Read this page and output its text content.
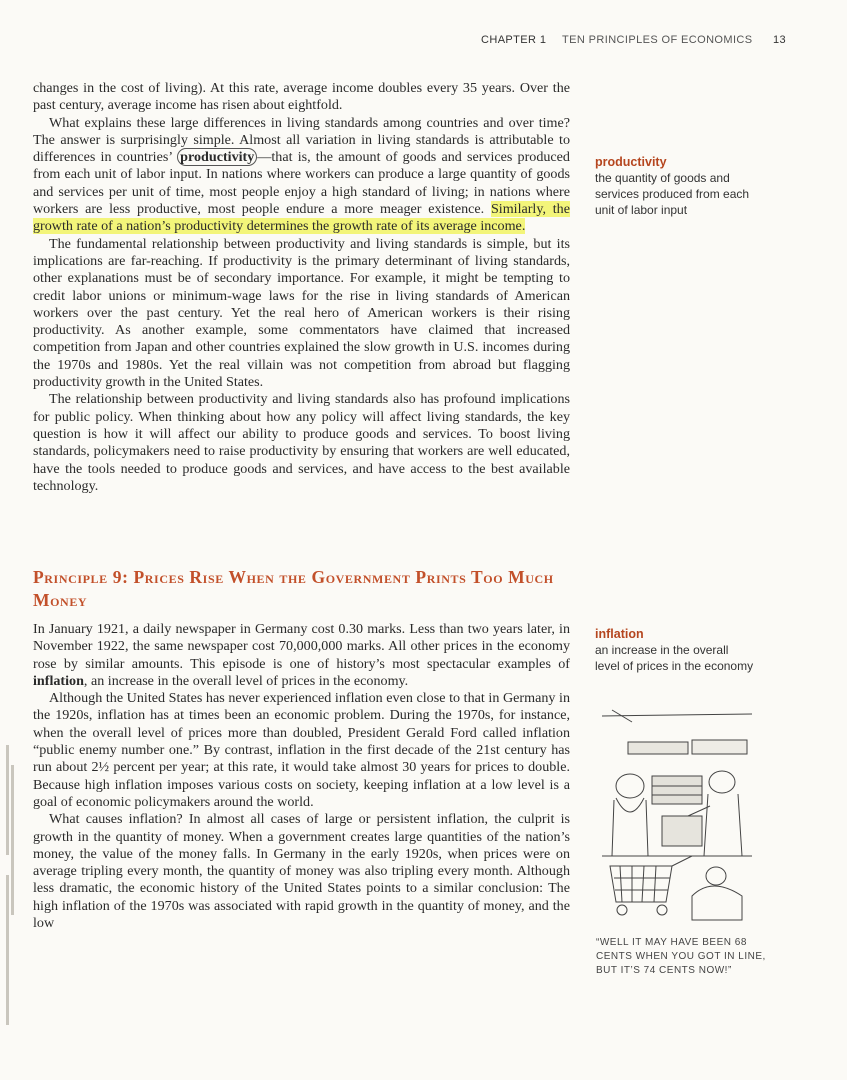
CHAPTER 1 TEN PRINCIPLES OF ECONOMICS 13

changes in the cost of living). At this rate, average income doubles every 35 years. Over the past century, average income has risen about eightfold.

What explains these large differences in living standards among countries and over time? The answer is surprisingly simple. Almost all variation in living standards is attributable to differences in countries’ productivity —that is, the amount of goods and services produced from each unit of labor input. In nations where workers can produce a large quantity of goods and services per unit of time, most people enjoy a high standard of living; in nations where workers are less productive, most people endure a more meager existence. Similarly, the growth rate of a nation’s productivity determines the growth rate of its average income.

The fundamental relationship between productivity and living standards is simple, but its implications are far-reaching. If productivity is the primary determinant of living standards, other explanations must be of secondary importance. For example, it might be tempting to credit labor unions or minimum-wage laws for the rise in living standards of American workers over the past century. Yet the real hero of American workers is their rising productivity. As another example, some commentators have claimed that increased competition from Japan and other countries explained the slow growth in U.S. incomes during the 1970s and 1980s. Yet the real villain was not competition from abroad but flagging productivity growth in the United States.

The relationship between productivity and living standards also has profound implications for public policy. When thinking about how any policy will affect living standards, the key question is how it will affect our ability to produce goods and services. To boost living standards, policymakers need to raise productivity by ensuring that workers are well educated, have the tools needed to produce goods and services, and have access to the best available technology.

Principle 9: Prices Rise When the Government Prints Too Much Money

In January 1921, a daily newspaper in Germany cost 0.30 marks. Less than two years later, in November 1922, the same newspaper cost 70,000,000 marks. All other prices in the economy rose by similar amounts. This episode is one of history’s most spectacular examples of inflation, an increase in the overall level of prices in the economy.

Although the United States has never experienced inflation even close to that in Germany in the 1920s, inflation has at times been an economic problem. During the 1970s, for instance, when the overall level of prices more than doubled, President Gerald Ford called inflation “public enemy number one.” By contrast, inflation in the first decade of the 21st century has run about 2½ percent per year; at this rate, it would take almost 30 years for prices to double. Because high inflation imposes various costs on society, keeping inflation at a low level is a goal of economic policymakers around the world.

What causes inflation? In almost all cases of large or persistent inflation, the culprit is growth in the quantity of money. When a government creates large quantities of the nation’s money, the value of the money falls. In Germany in the early 1920s, when prices were on average tripling every month, the quantity of money was also tripling every month. Although less dramatic, the economic history of the United States points to a similar conclusion: The high inflation of the 1970s was associated with rapid growth in the quantity of money, and the low

productivity
the quantity of goods and services produced from each unit of labor input
inflation
an increase in the overall level of prices in the economy
“WELL IT MAY HAVE BEEN 68 CENTS WHEN YOU GOT IN LINE, BUT IT’S 74 CENTS NOW!”
